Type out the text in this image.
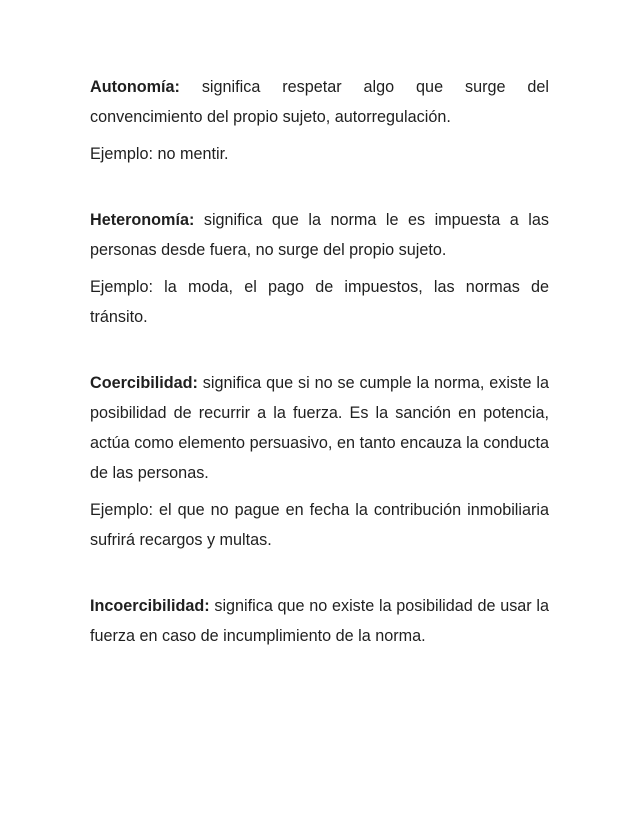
Autonomía: significa respetar algo que surge del convencimiento del propio sujeto, autorregulación.

Ejemplo: no mentir.

Heteronomía: significa que la norma le es impuesta a las personas desde fuera, no surge del propio sujeto.

Ejemplo: la moda, el pago de impuestos, las normas de tránsito.

Coercibilidad: significa que si no se cumple la norma, existe la posibilidad de recurrir a la fuerza. Es la sanción en potencia, actúa como elemento persuasivo, en tanto encauza la conducta de las personas.

Ejemplo: el que no pague en fecha la contribución inmobiliaria sufrirá recargos y multas.

Incoercibilidad: significa que no existe la posibilidad de usar la fuerza en caso de incumplimiento de la norma.
